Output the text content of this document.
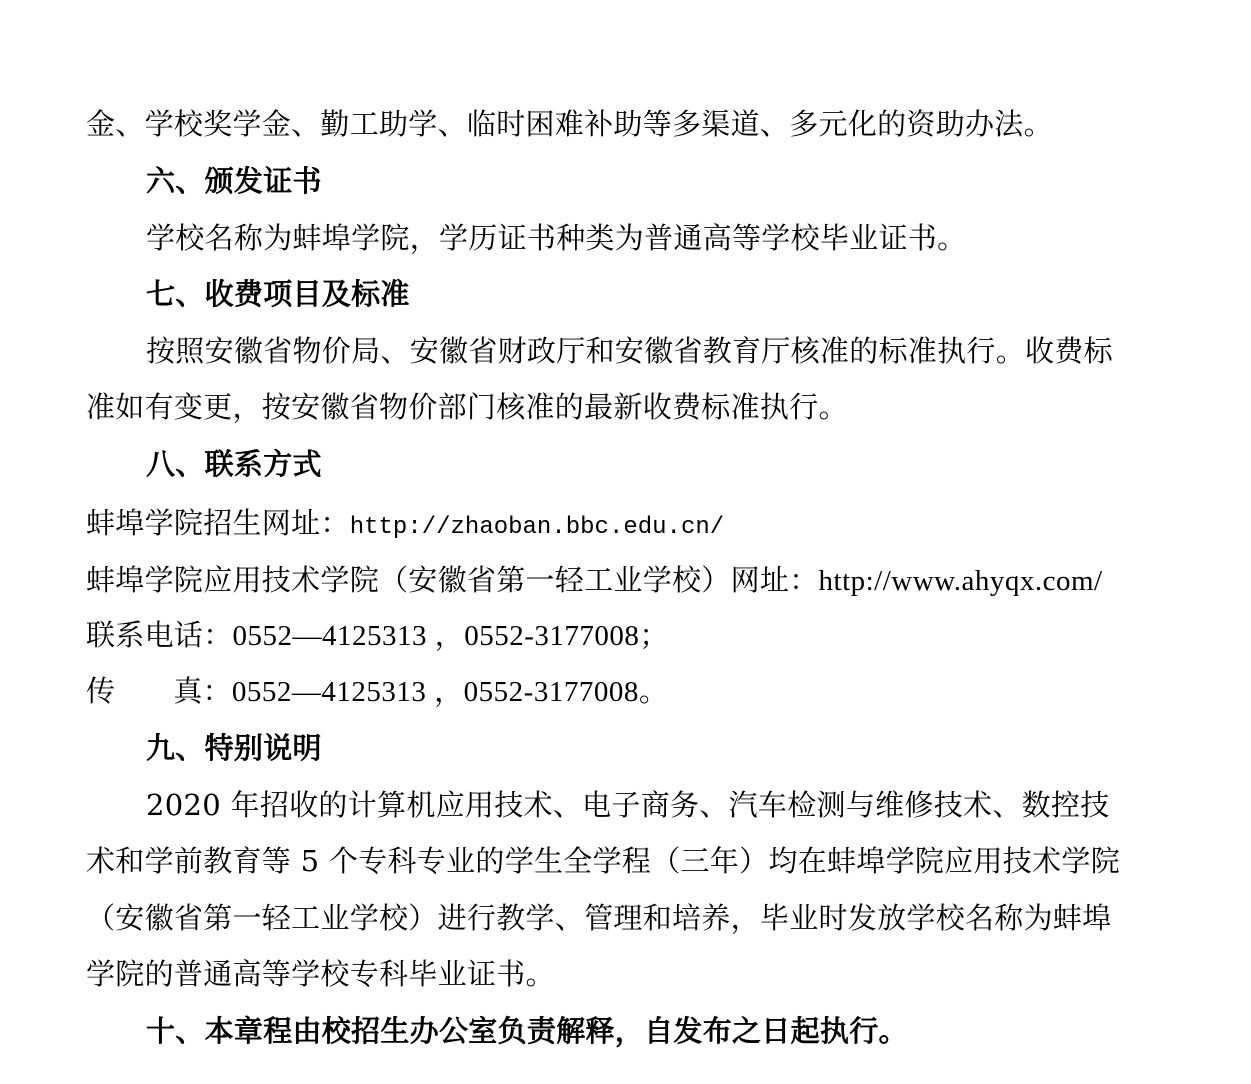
金、学校奖学金、勤工助学、临时困难补助等多渠道、多元化的资助办法。
六、颁发证书
学校名称为蚌埠学院，学历证书种类为普通高等学校毕业证书。
七、收费项目及标准
按照安徽省物价局、安徽省财政厅和安徽省教育厅核准的标准执行。收费标
准如有变更，按安徽省物价部门核准的最新收费标准执行。
八、联系方式
蚌埠学院招生网址：http://zhaoban.bbc.edu.cn/
蚌埠学院应用技术学院（安徽省第一轻工业学校）网址：http://www.ahyqx.com/
联系电话：0552—4125313 ，0552-3177008；
传 真：0552—4125313 ，0552-3177008。
九、特别说明
2020 年招收的计算机应用技术、电子商务、汽车检测与维修技术、数控技
术和学前教育等 5 个专科专业的学生全学程（三年）均在蚌埠学院应用技术学院
（安徽省第一轻工业学校）进行教学、管理和培养，毕业时发放学校名称为蚌埠
学院的普通高等学校专科毕业证书。
十、本章程由校招生办公室负责解释，自发布之日起执行。
